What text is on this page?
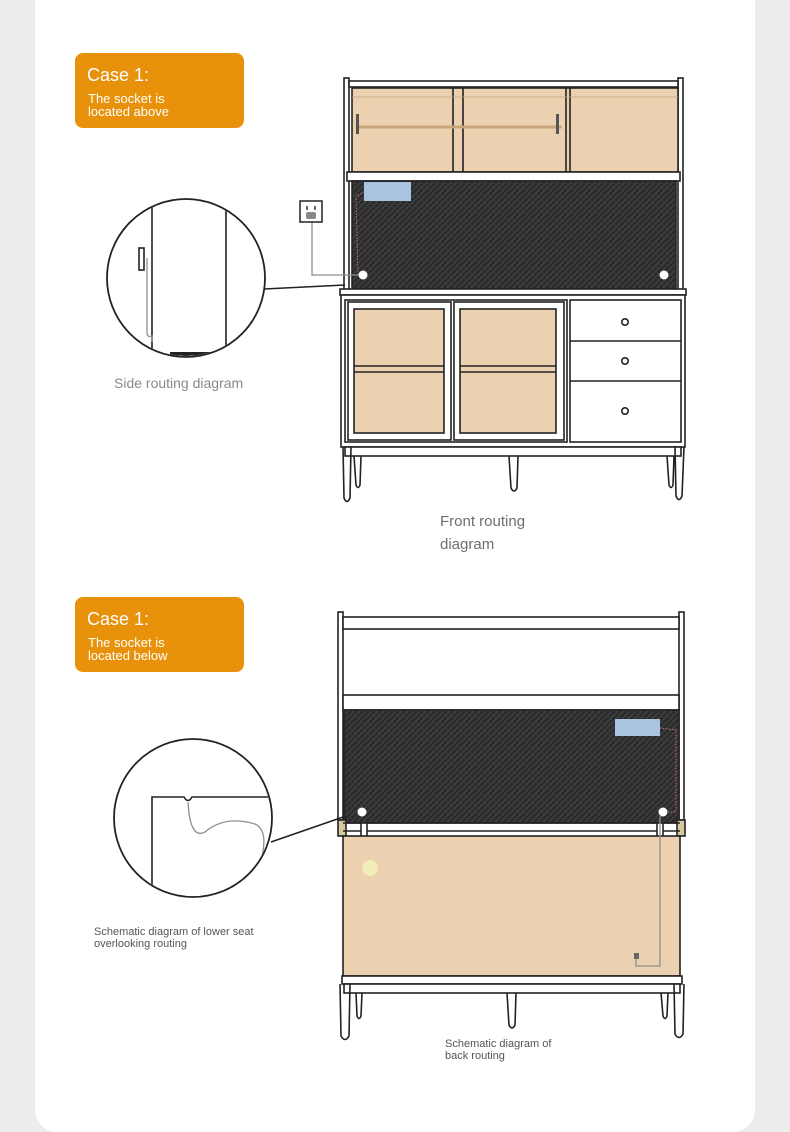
Case 1:
The socket is located above
Side routing diagram
Front routing
diagram
Case 1:
The socket is located below
Schematic diagram of lower seat
overlooking routing
Schematic diagram of
back routing
